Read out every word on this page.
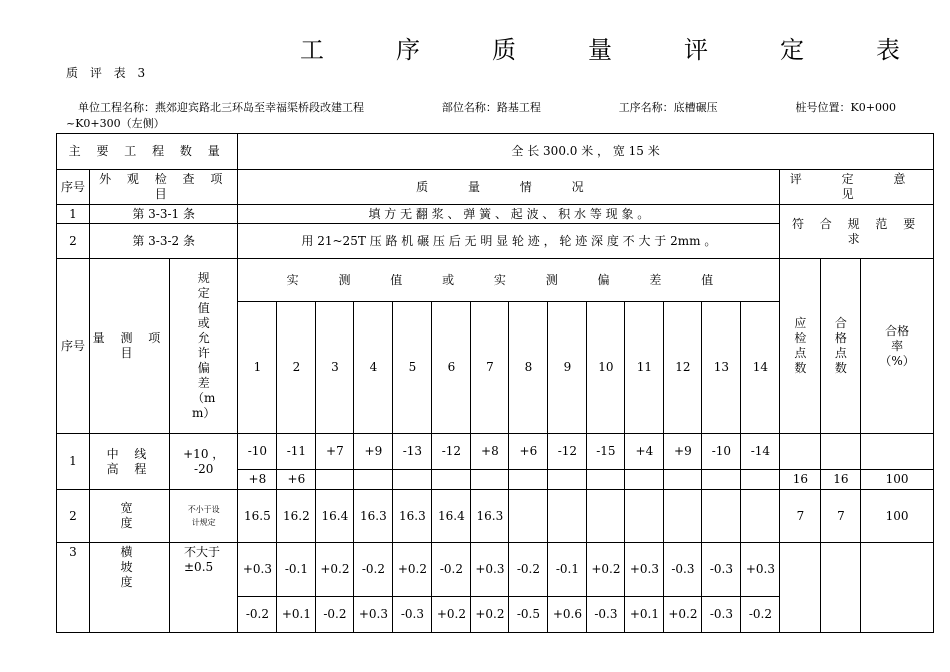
工	序	质	量	评	定	表
质 评 表 3
单位工程名称：燕郊迎宾路北三环岛至幸福渠桥段改建工程	部位名称：路基工程	工序名称：底槽碾压	桩号位置：K0+000
~K0+300（左侧）
主 要 工 程 数 量			全 长 300.0 米 ， 宽 15 米																
序号	外 观 检 查 项 目		质 量 情 况														评 定 意 见		
1	第 3-3-1 条		填 方 无 翻 浆 、 弹 簧 、 起 波 、 积 水 等 现 象 。														符 合 规 范 要 求		
2	第 3-3-2 条		用 21~25T 压 路 机 碾 压 后 无 明 显 轮 迹 ， 轮 迹 深 度 不 大 于 2mm 。																
序号	量 测 项 目	规定值或允许偏差（mm）	实 测 值 或 实 测 偏 差 值														应检点数	合格点数	合格率（%）
			1	2	3	4	5	6	7	8	9	10	11	12	13	14			
1	中 线 高 程	+10 ， -20	-10	-11	+7	+9	-13	-12	+8	+6	-12	-15	+4	+9	-10	-14			
			+8	+6													16	16	100
2	宽 度	不小于设计规定	16.5	16.2	16.4	16.3	16.3	16.4	16.3								7	7	100
3	横 坡 度	不大于±0.5	+0.3	-0.1	+0.2	-0.2	+0.2	-0.2	+0.3	-0.2	-0.1	+0.2	+0.3	-0.3	-0.3	+0.3			
			-0.2	+0.1	-0.2	+0.3	-0.3	+0.2	+0.2	-0.5	+0.6	-0.3	+0.1	+0.2	-0.3	-0.2			
